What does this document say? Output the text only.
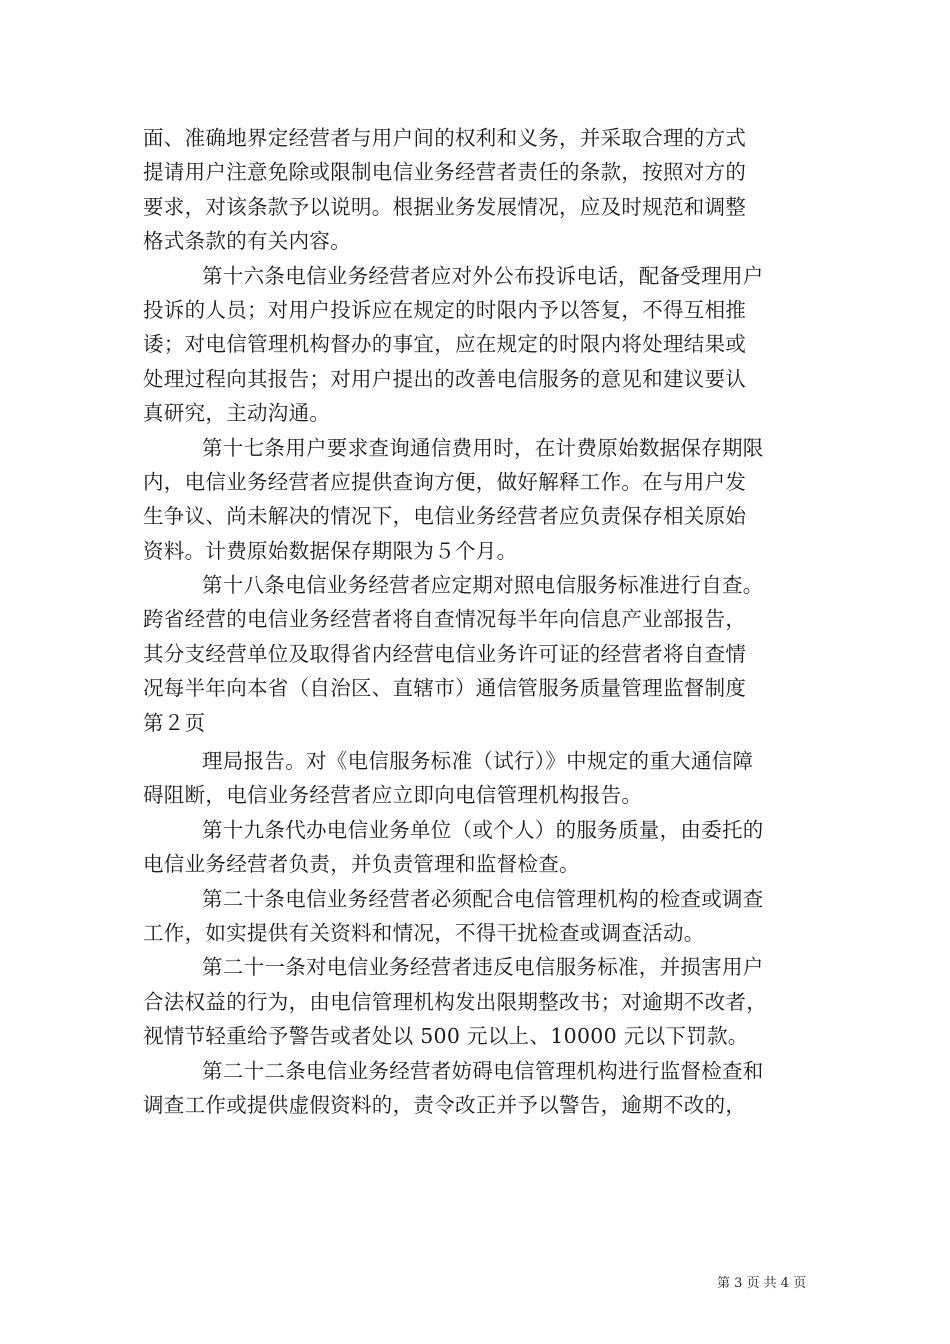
面、准确地界定经营者与用户间的权利和义务，并采取合理的方式
提请用户注意免除或限制电信业务经营者责任的条款，按照对方的
要求，对该条款予以说明。根据业务发展情况，应及时规范和调整
格式条款的有关内容。
第十六条电信业务经营者应对外公布投诉电话，配备受理用户
投诉的人员；对用户投诉应在规定的时限内予以答复，不得互相推
诿；对电信管理机构督办的事宜，应在规定的时限内将处理结果或
处理过程向其报告；对用户提出的改善电信服务的意见和建议要认
真研究，主动沟通。
第十七条用户要求查询通信费用时，在计费原始数据保存期限
内，电信业务经营者应提供查询方便，做好解释工作。在与用户发
生争议、尚未解决的情况下，电信业务经营者应负责保存相关原始
资料。计费原始数据保存期限为５个月。
第十八条电信业务经营者应定期对照电信服务标准进行自查。
跨省经营的电信业务经营者将自查情况每半年向信息产业部报告，
其分支经营单位及取得省内经营电信业务许可证的经营者将自查情
况每半年向本省（自治区、直辖市）通信管服务质量管理监督制度
第２页
理局报告。对《电信服务标准（试行）》中规定的重大通信障
碍阻断，电信业务经营者应立即向电信管理机构报告。
第十九条代办电信业务单位（或个人）的服务质量，由委托的
电信业务经营者负责，并负责管理和监督检查。
第二十条电信业务经营者必须配合电信管理机构的检查或调查
工作，如实提供有关资料和情况，不得干扰检查或调查活动。
第二十一条对电信业务经营者违反电信服务标准，并损害用户
合法权益的行为，由电信管理机构发出限期整改书；对逾期不改者，
视情节轻重给予警告或者处以 500 元以上、10000 元以下罚款。
第二十二条电信业务经营者妨碍电信管理机构进行监督检查和
调查工作或提供虚假资料的，责令改正并予以警告，逾期不改的，
第 3 页 共 4 页
